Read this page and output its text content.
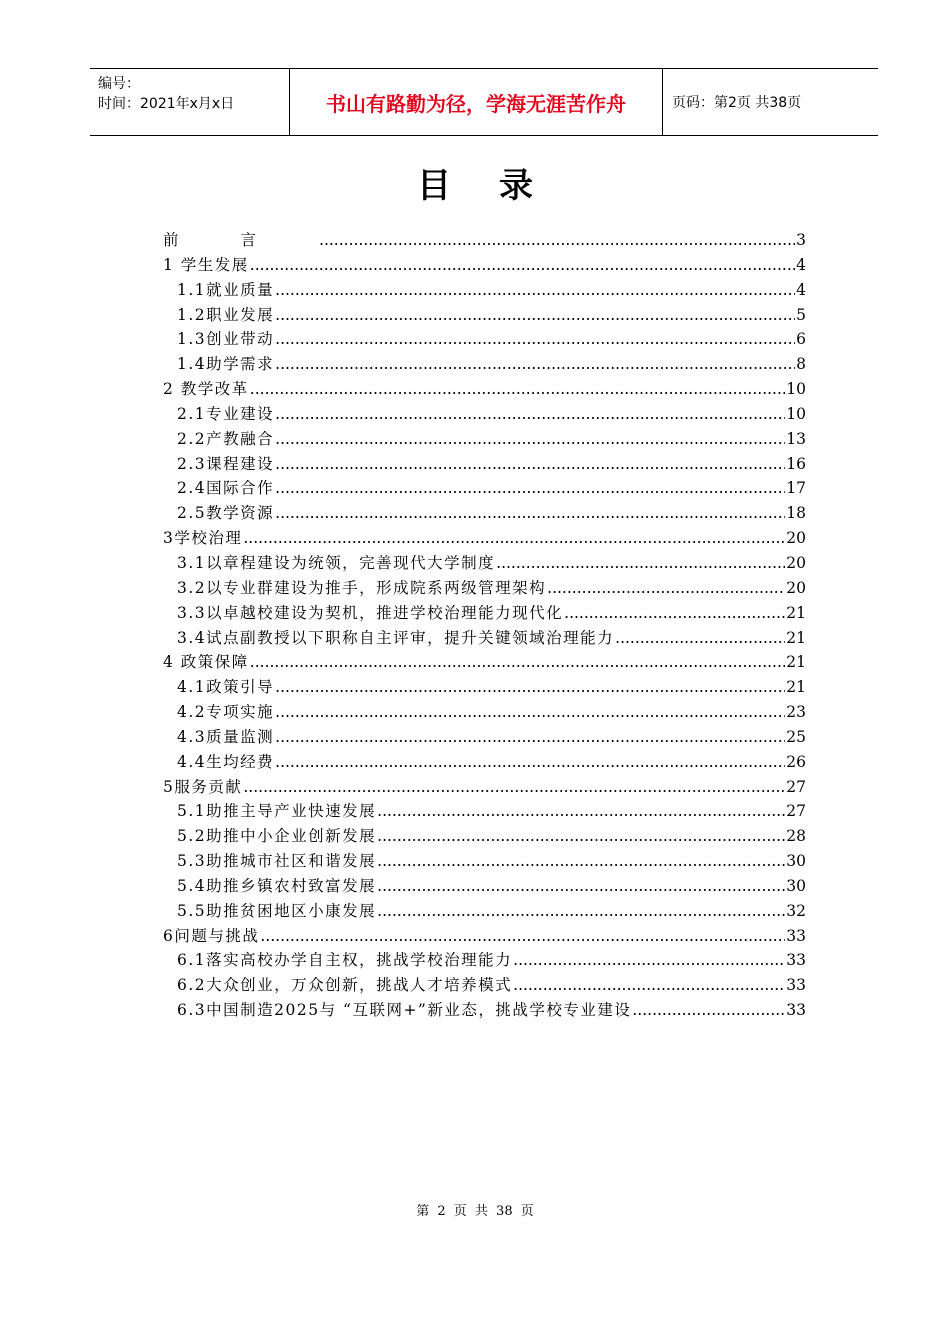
编号：
时间：2021年x月x日	书山有路勤为径，学海无涯苦作舟	页码：第2页 共38页
目录
前言 .....	3
1 学生发展 .....	4
1.1就业质量 .....	4
1.2职业发展 .....	5
1.3创业带动 .....	6
1.4助学需求 .....	8
2 教学改革 .....	10
2.1专业建设 .....	10
2.2产教融合 .....	13
2.3课程建设 .....	16
2.4国际合作 .....	17
2.5教学资源 .....	18
3学校治理 .....	20
3.1以章程建设为统领，完善现代大学制度 .....	20
3.2以专业群建设为推手，形成院系两级管理架构 .....	20
3.3以卓越校建设为契机，推进学校治理能力现代化 .....	21
3.4试点副教授以下职称自主评审，提升关键领域治理能力 .....	21
4 政策保障 .....	21
4.1政策引导 .....	21
4.2专项实施 .....	23
4.3质量监测 .....	25
4.4生均经费 .....	26
5服务贡献 .....	27
5.1助推主导产业快速发展 .....	27
5.2助推中小企业创新发展 .....	28
5.3助推城市社区和谐发展 .....	30
5.4助推乡镇农村致富发展 .....	30
5.5助推贫困地区小康发展 .....	32
6问题与挑战 .....	33
6.1落实高校办学自主权，挑战学校治理能力 .....	33
6.2大众创业，万众创新，挑战人才培养模式 .....	33
6.3中国制造2025与 “互联网+”新业态，挑战学校专业建设 .....	33
第 2 页 共 38 页
